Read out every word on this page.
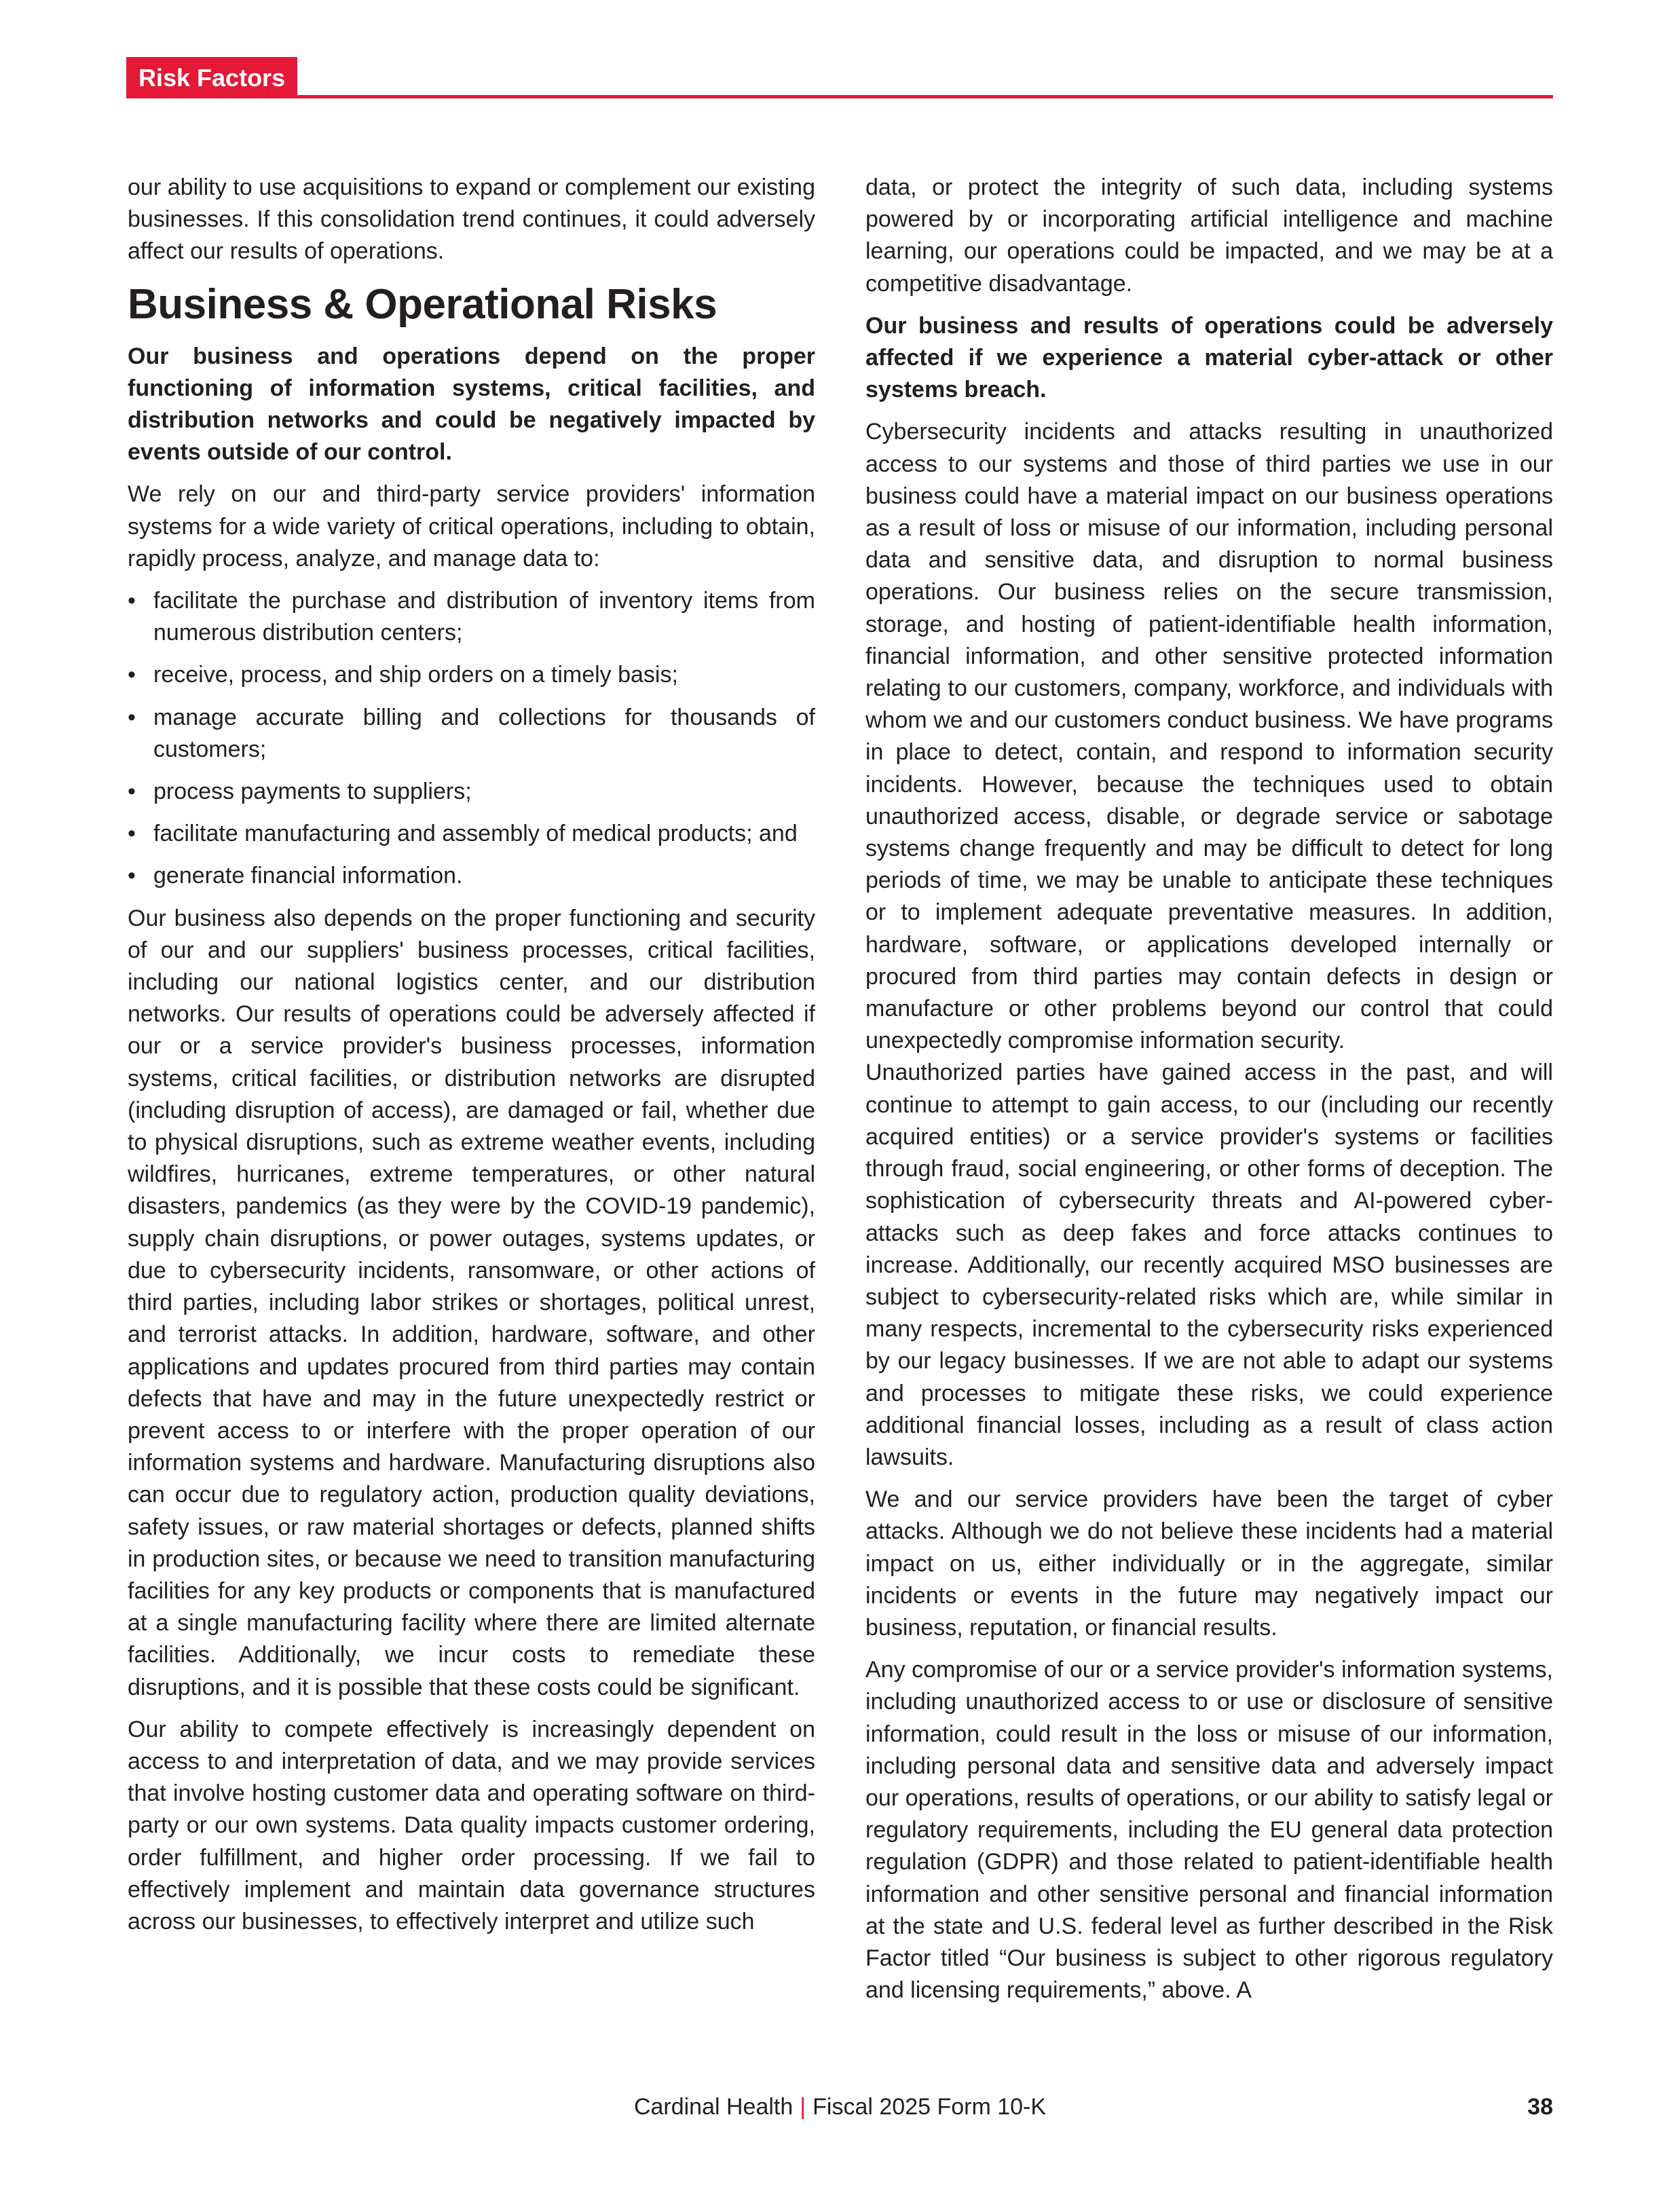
Risk Factors

our ability to use acquisitions to expand or complement our existing businesses. If this consolidation trend continues, it could adversely affect our results of operations.

Business & Operational Risks
Our business and operations depend on the proper functioning of information systems, critical facilities, and distribution networks and could be negatively impacted by events outside of our control.

We rely on our and third-party service providers' information systems for a wide variety of critical operations, including to obtain, rapidly process, analyze, and manage data to:

• facilitate the purchase and distribution of inventory items from numerous distribution centers;
• receive, process, and ship orders on a timely basis;
• manage accurate billing and collections for thousands of customers;
• process payments to suppliers;
• facilitate manufacturing and assembly of medical products; and
• generate financial information.

Our business also depends on the proper functioning and security of our and our suppliers' business processes, critical facilities, including our national logistics center, and our distribution networks. Our results of operations could be adversely affected if our or a service provider's business processes, information systems, critical facilities, or distribution networks are disrupted (including disruption of access), are damaged or fail, whether due to physical disruptions, such as extreme weather events, including wildfires, hurricanes, extreme temperatures, or other natural disasters, pandemics (as they were by the COVID-19 pandemic), supply chain disruptions, or power outages, systems updates, or due to cybersecurity incidents, ransomware, or other actions of third parties, including labor strikes or shortages, political unrest, and terrorist attacks. In addition, hardware, software, and other applications and updates procured from third parties may contain defects that have and may in the future unexpectedly restrict or prevent access to or interfere with the proper operation of our information systems and hardware. Manufacturing disruptions also can occur due to regulatory action, production quality deviations, safety issues, or raw material shortages or defects, planned shifts in production sites, or because we need to transition manufacturing facilities for any key products or components that is manufactured at a single manufacturing facility where there are limited alternate facilities. Additionally, we incur costs to remediate these disruptions, and it is possible that these costs could be significant.

Our ability to compete effectively is increasingly dependent on access to and interpretation of data, and we may provide services that involve hosting customer data and operating software on third-party or our own systems. Data quality impacts customer ordering, order fulfillment, and higher order processing. If we fail to effectively implement and maintain data governance structures across our businesses, to effectively interpret and utilize such

data, or protect the integrity of such data, including systems powered by or incorporating artificial intelligence and machine learning, our operations could be impacted, and we may be at a competitive disadvantage.

Our business and results of operations could be adversely affected if we experience a material cyber-attack or other systems breach.

Cybersecurity incidents and attacks resulting in unauthorized access to our systems and those of third parties we use in our business could have a material impact on our business operations as a result of loss or misuse of our information, including personal data and sensitive data, and disruption to normal business operations. Our business relies on the secure transmission, storage, and hosting of patient-identifiable health information, financial information, and other sensitive protected information relating to our customers, company, workforce, and individuals with whom we and our customers conduct business. We have programs in place to detect, contain, and respond to information security incidents. However, because the techniques used to obtain unauthorized access, disable, or degrade service or sabotage systems change frequently and may be difficult to detect for long periods of time, we may be unable to anticipate these techniques or to implement adequate preventative measures. In addition, hardware, software, or applications developed internally or procured from third parties may contain defects in design or manufacture or other problems beyond our control that could unexpectedly compromise information security.

Unauthorized parties have gained access in the past, and will continue to attempt to gain access, to our (including our recently acquired entities) or a service provider's systems or facilities through fraud, social engineering, or other forms of deception. The sophistication of cybersecurity threats and AI-powered cyber-attacks such as deep fakes and force attacks continues to increase. Additionally, our recently acquired MSO businesses are subject to cybersecurity-related risks which are, while similar in many respects, incremental to the cybersecurity risks experienced by our legacy businesses. If we are not able to adapt our systems and processes to mitigate these risks, we could experience additional financial losses, including as a result of class action lawsuits.

We and our service providers have been the target of cyber attacks. Although we do not believe these incidents had a material impact on us, either individually or in the aggregate, similar incidents or events in the future may negatively impact our business, reputation, or financial results.

Any compromise of our or a service provider's information systems, including unauthorized access to or use or disclosure of sensitive information, could result in the loss or misuse of our information, including personal data and sensitive data and adversely impact our operations, results of operations, or our ability to satisfy legal or regulatory requirements, including the EU general data protection regulation (GDPR) and those related to patient-identifiable health information and other sensitive personal and financial information at the state and U.S. federal level as further described in the Risk Factor titled “Our business is subject to other rigorous regulatory and licensing requirements,” above. A

Cardinal Health | Fiscal 2025 Form 10-K	38
